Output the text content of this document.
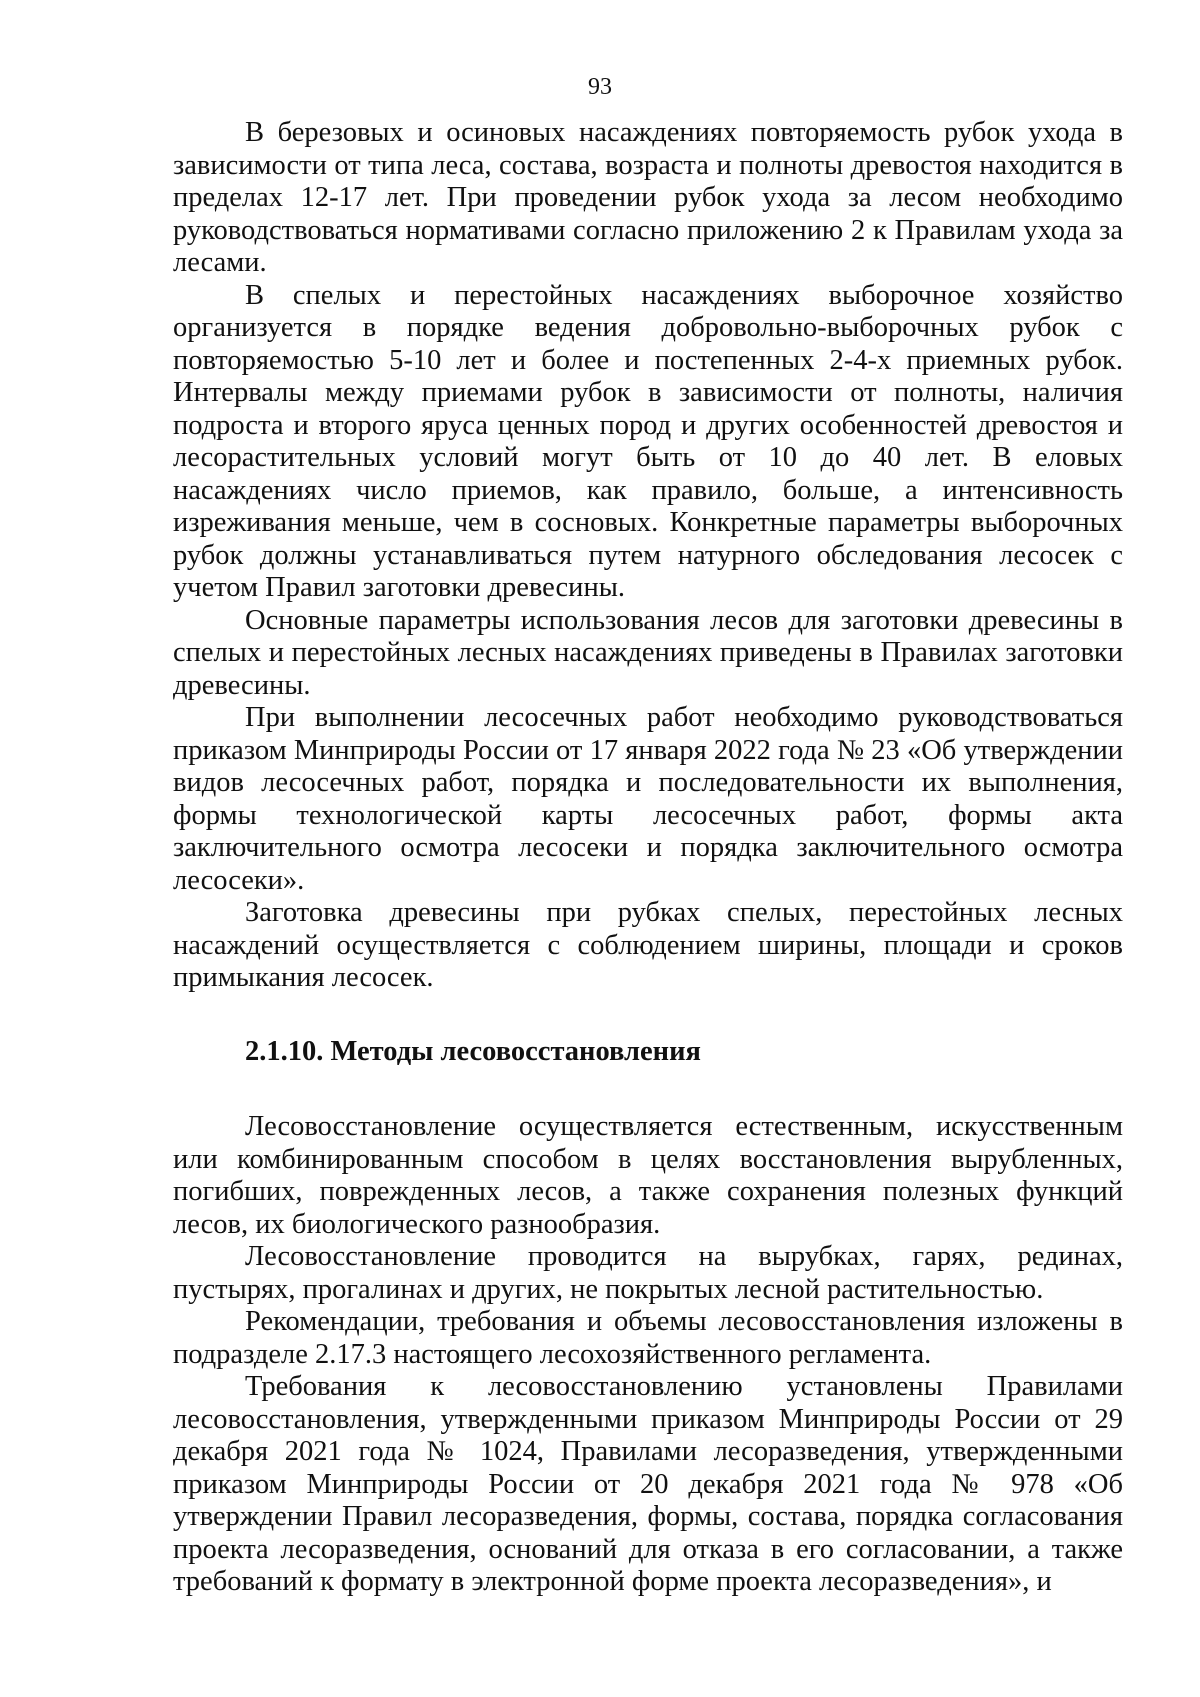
93

В березовых и осиновых насаждениях повторяемость рубок ухода в зависимости от типа леса, состава, возраста и полноты древостоя находится в пределах 12-17 лет. При проведении рубок ухода за лесом необходимо руководствоваться нормативами согласно приложению 2 к Правилам ухода за лесами.

В спелых и перестойных насаждениях выборочное хозяйство организуется в порядке ведения добровольно-выборочных рубок с повторяемостью 5-10 лет и более и постепенных 2-4-х приемных рубок. Интервалы между приемами рубок в зависимости от полноты, наличия подроста и второго яруса ценных пород и других особенностей древостоя и лесорастительных условий могут быть от 10 до 40 лет. В еловых насаждениях число приемов, как правило, больше, а интенсивность изреживания меньше, чем в сосновых. Конкретные параметры выборочных рубок должны устанавливаться путем натурного обследования лесосек с учетом Правил заготовки древесины.

Основные параметры использования лесов для заготовки древесины в спелых и перестойных лесных насаждениях приведены в Правилах заготовки древесины.

При выполнении лесосечных работ необходимо руководствоваться приказом Минприроды России от 17 января 2022 года № 23 «Об утверждении видов лесосечных работ, порядка и последовательности их выполнения, формы технологической карты лесосечных работ, формы акта заключительного осмотра лесосеки и порядка заключительного осмотра лесосеки».

Заготовка древесины при рубках спелых, перестойных лесных насаждений осуществляется с соблюдением ширины, площади и сроков примыкания лесосек.

2.1.10. Методы лесовосстановления

Лесовосстановление осуществляется естественным, искусственным или комбинированным способом в целях восстановления вырубленных, погибших, поврежденных лесов, а также сохранения полезных функций лесов, их биологического разнообразия.

Лесовосстановление проводится на вырубках, гарях, рединах, пустырях, прогалинах и других, не покрытых лесной растительностью.

Рекомендации, требования и объемы лесовосстановления изложены в подразделе 2.17.3 настоящего лесохозяйственного регламента.

Требования к лесовосстановлению установлены Правилами лесовосстановления, утвержденными приказом Минприроды России от 29 декабря 2021 года № 1024, Правилами лесоразведения, утвержденными приказом Минприроды России от 20 декабря 2021 года № 978 «Об утверждении Правил лесоразведения, формы, состава, порядка согласования проекта лесоразведения, оснований для отказа в его согласовании, а также требований к формату в электронной форме проекта лесоразведения», и
